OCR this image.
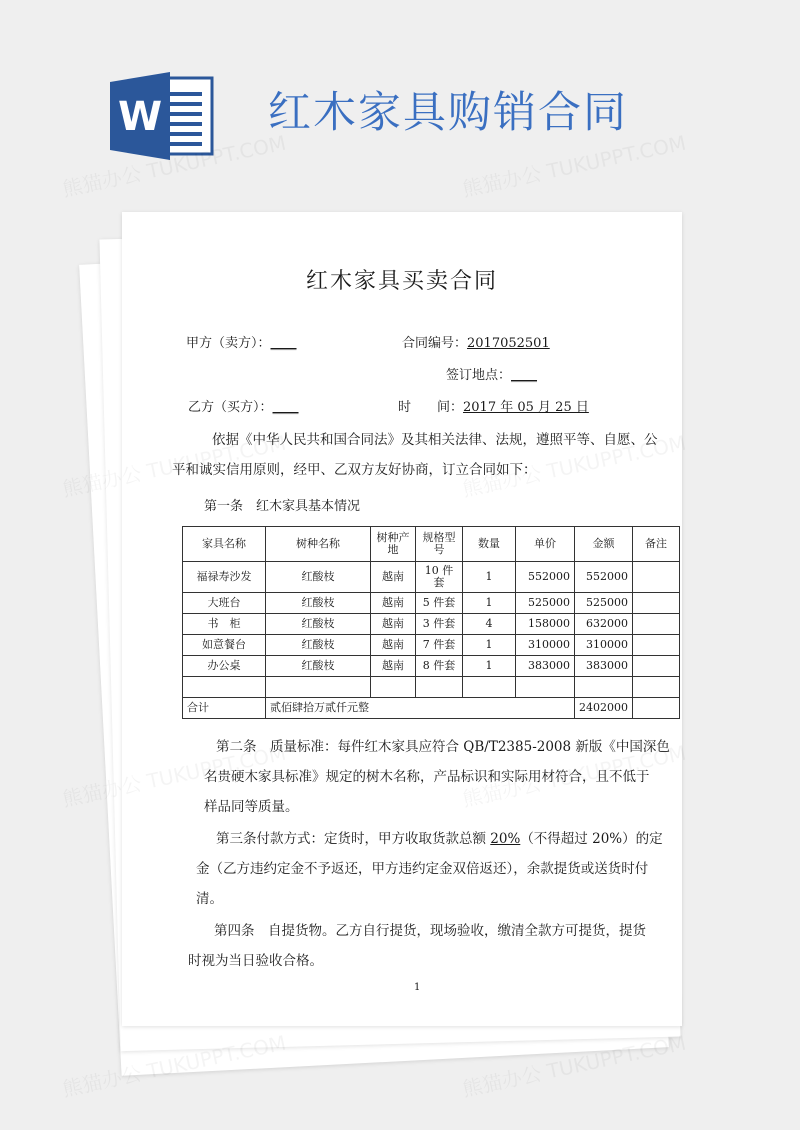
W 红木家具购销合同
红木家具买卖合同
甲方（卖方）：____	合同编号：2017052501
签订地点：____
乙方（买方）：____	时　　间：2017 年 05 月 25 日
依据《中华人民共和国合同法》及其相关法律、法规，遵照平等、自愿、公
平和诚实信用原则，经甲、乙双方友好协商，订立合同如下：
第一条　红木家具基本情况
家具名称	树种名称	树种产地	规格型号	数量	单价	金额	备注
福禄寿沙发	红酸枝	越南	10 件套	1	552000	552000	
大班台	红酸枝	越南	5 件套	1	525000	525000	
书　柜	红酸枝	越南	3 件套	4	158000	632000	
如意餐台	红酸枝	越南	7 件套	1	310000	310000	
办公桌	红酸枝	越南	8 件套	1	383000	383000	

合计	贰佰肆拾万贰仟元整					2402000	
第二条　质量标准：每件红木家具应符合 QB/T2385-2008 新版《中国深色
名贵硬木家具标准》规定的树木名称，产品标识和实际用材符合，且不低于
样品同等质量。
第三条付款方式：定货时，甲方收取货款总额 20%（不得超过 20%）的定
金（乙方违约定金不予返还，甲方违约定金双倍返还），余款提货或送货时付
清。
第四条　自提货物。乙方自行提货，现场验收，缴清全款方可提货，提货
时视为当日验收合格。
1
